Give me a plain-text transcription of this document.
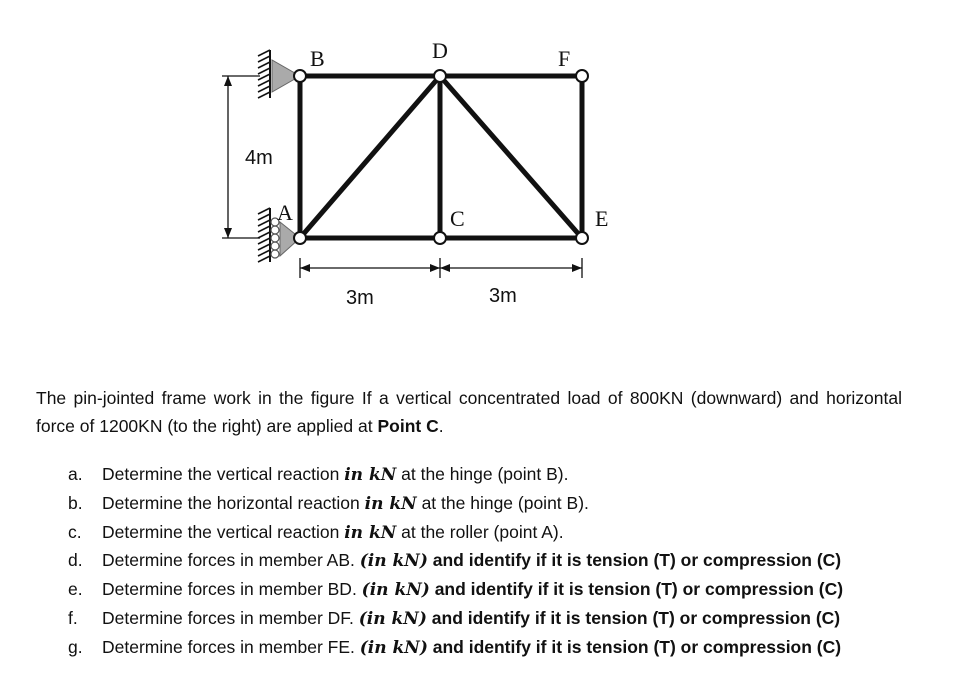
4m
B	D	F
A	C	E
3m	3m
The pin-jointed frame work in the figure If a vertical concentrated load of 800KN (downward) and horizontal force of 1200KN (to the right) are applied at Point C.
a. Determine the vertical reaction in kN at the hinge (point B).
b. Determine the horizontal reaction in kN at the hinge (point B).
c. Determine the vertical reaction in kN at the roller (point A).
d. Determine forces in member AB. (in kN) and identify if it is tension (T) or compression (C)
e. Determine forces in member BD. (in kN) and identify if it is tension (T) or compression (C)
f. Determine forces in member DF. (in kN) and identify if it is tension (T) or compression (C)
g. Determine forces in member FE. (in kN) and identify if it is tension (T) or compression (C)
